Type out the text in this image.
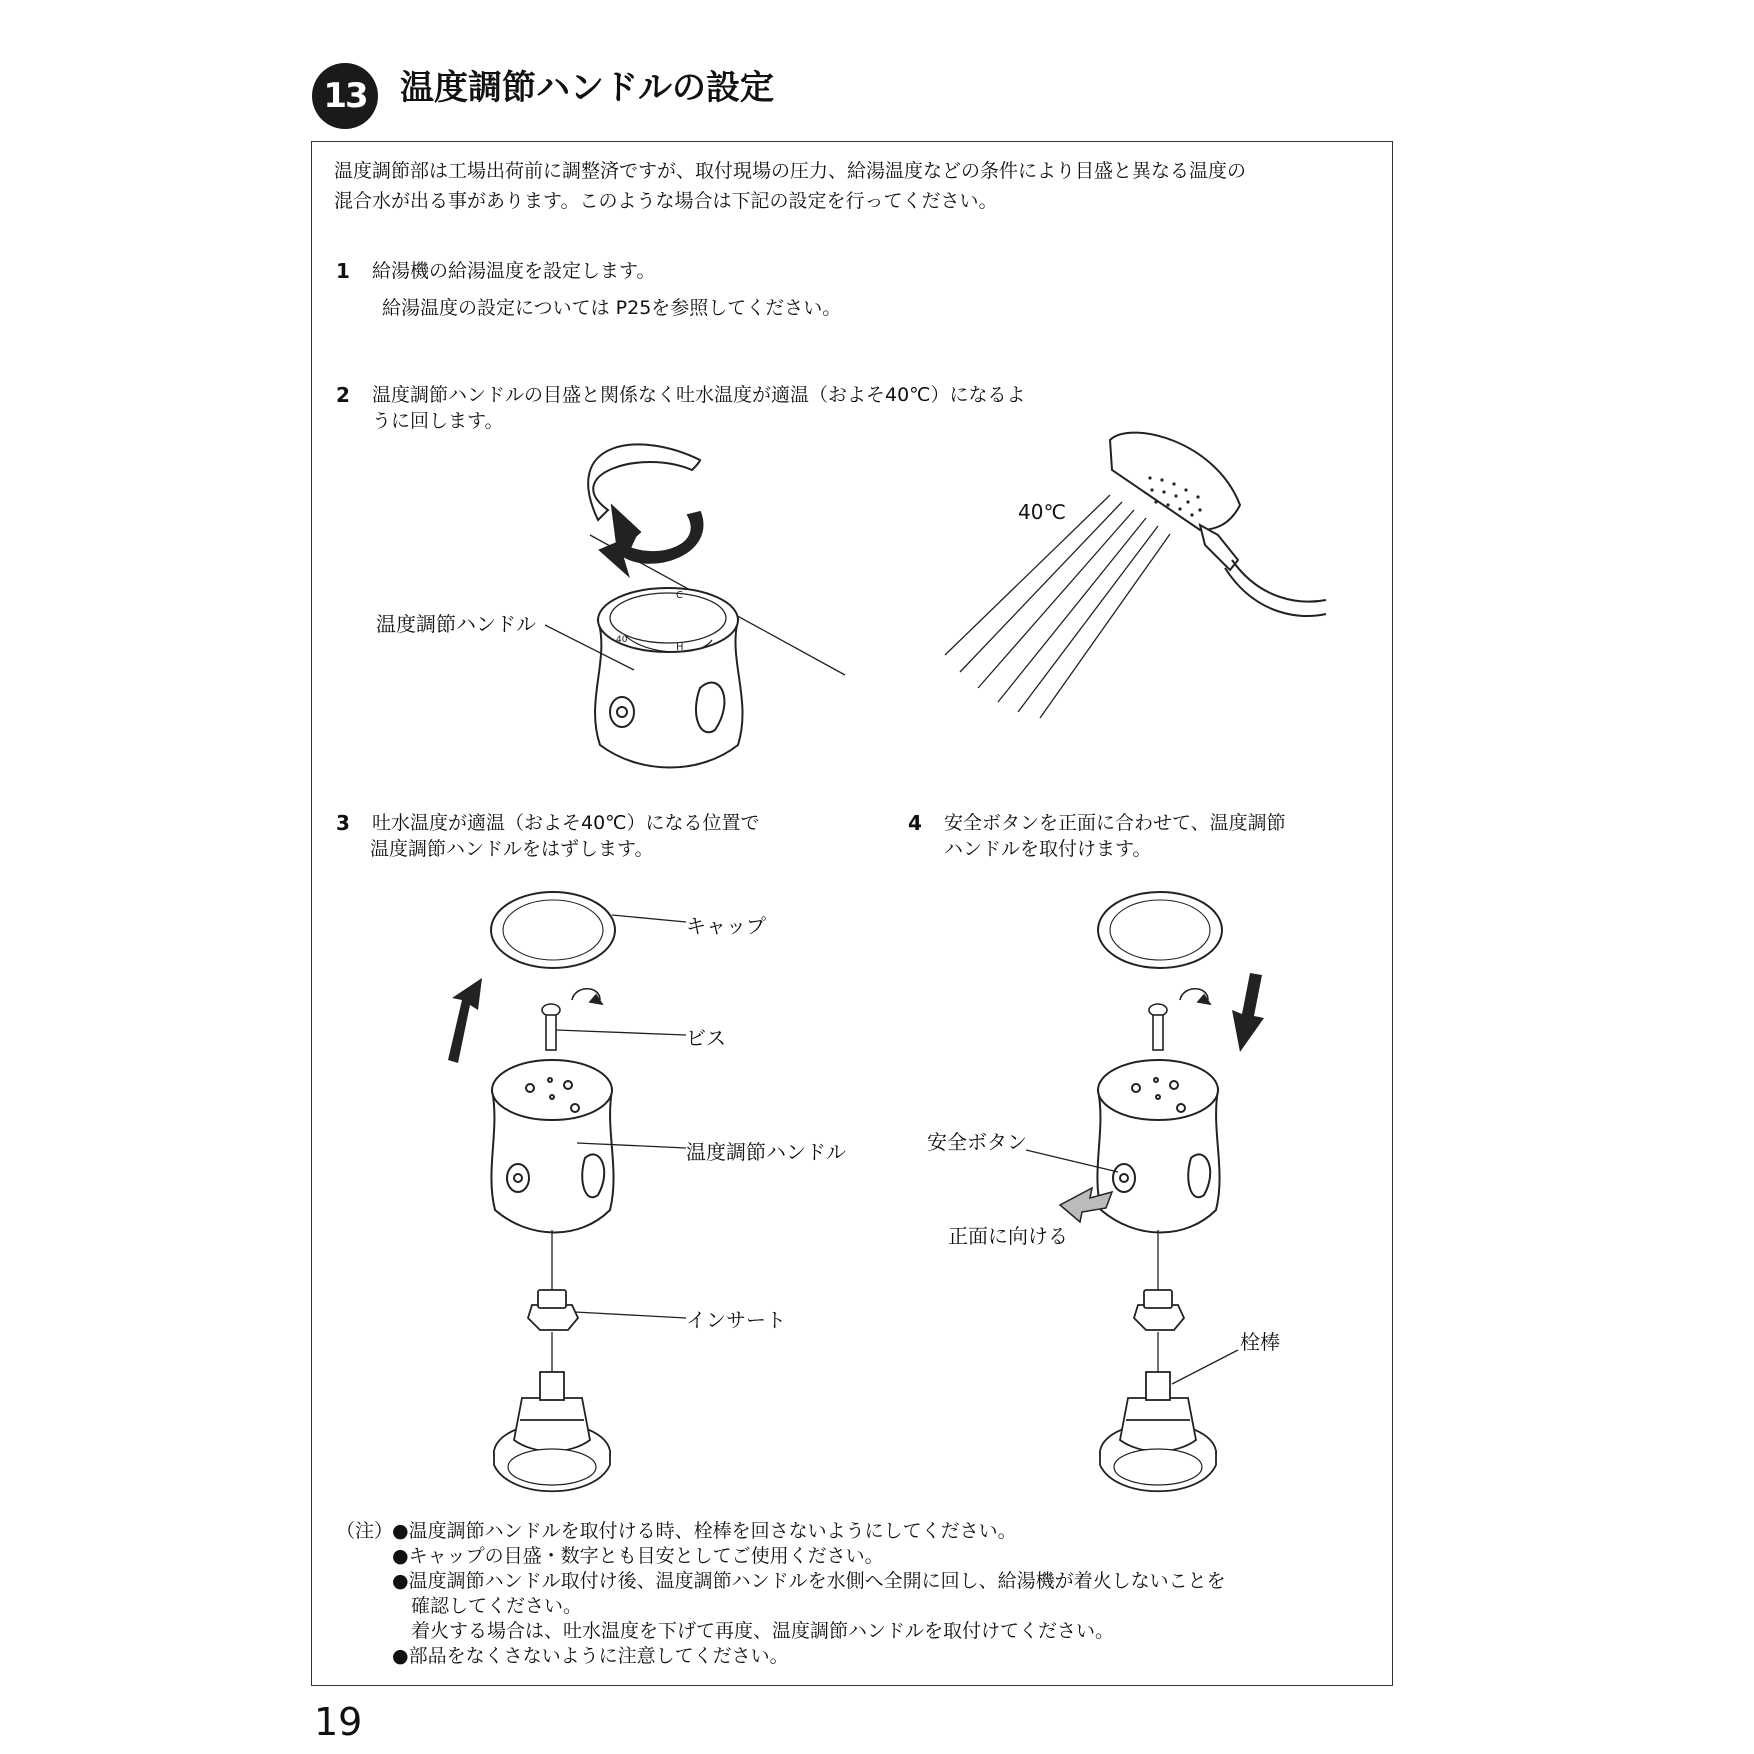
13 温度調節ハンドルの設定
温度調節部は工場出荷前に調整済ですが、取付現場の圧力、給湯温度などの条件により目盛と異なる温度の
混合水が出る事があります。このような場合は下記の設定を行ってください。
1 給湯機の給湯温度を設定します。
給湯温度の設定については P25を参照してください。
2 温度調節ハンドルの目盛と関係なく吐水温度が適温（およそ40℃）になるよ
うに回します。
3 吐水温度が適温（およそ40℃）になる位置で
温度調節ハンドルをはずします。
4 安全ボタンを正面に合わせて、温度調節
ハンドルを取付けます。
C
H
40
温度調節ハンドル
40℃
キャップ
ビス
温度調節ハンドル
インサート
安全ボタン
正面に向ける
栓棒
（注）
●温度調節ハンドルを取付ける時、栓棒を回さないようにしてください。
●キャップの目盛・数字とも目安としてご使用ください。
●温度調節ハンドル取付け後、温度調節ハンドルを水側へ全開に回し、給湯機が着火しないことを
　確認してください。
　着火する場合は、吐水温度を下げて再度、温度調節ハンドルを取付けてください。
●部品をなくさないように注意してください。
19
